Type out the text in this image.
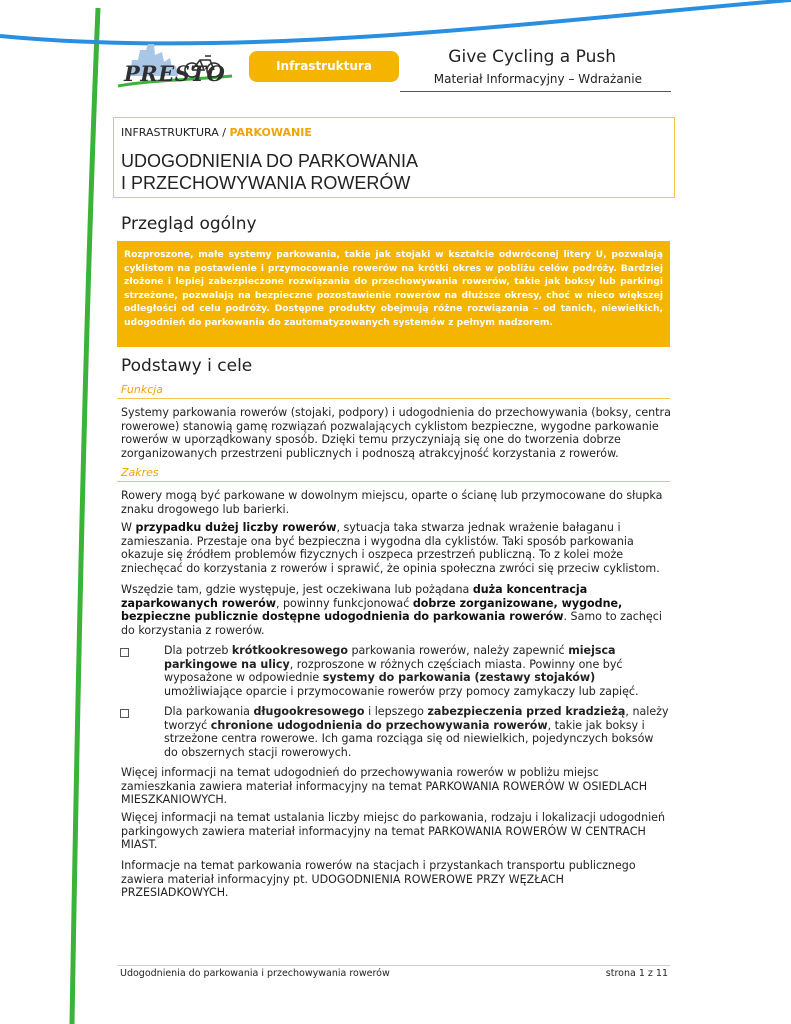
PRESTO	Infrastruktura	Give Cycling a Push
Materiał Informacyjny – Wdrażanie
INFRASTRUKTURA / PARKOWANIE
UDOGODNIENIA DO PARKOWANIA
I PRZECHOWYWANIA ROWERÓW
Przegląd ogólny
Rozproszone, małe systemy parkowania, takie jak stojaki w kształcie odwróconej litery U, pozwalają cyklistom na postawienie i przymocowanie rowerów na krótki okres w pobliżu celów podróży. Bardziej złożone i lepiej zabezpieczone rozwiązania do przechowywania rowerów, takie jak boksy lub parkingi strzeżone, pozwalają na bezpieczne pozostawienie rowerów na dłuższe okresy, choć w nieco większej odległości od celu podróży. Dostępne produkty obejmują różne rozwiązania – od tanich, niewielkich, udogodnień do parkowania do zautomatyzowanych systemów z pełnym nadzorem.
Podstawy i cele
Funkcja
Systemy parkowania rowerów (stojaki, podpory) i udogodnienia do przechowywania (boksy, centra rowerowe) stanowią gamę rozwiązań pozwalających cyklistom bezpieczne, wygodne parkowanie rowerów w uporządkowany sposób. Dzięki temu przyczyniają się one do tworzenia dobrze zorganizowanych przestrzeni publicznych i podnoszą atrakcyjność korzystania z rowerów.
Zakres
Rowery mogą być parkowane w dowolnym miejscu, oparte o ścianę lub przymocowane do słupka znaku drogowego lub barierki.
W przypadku dużej liczby rowerów, sytuacja taka stwarza jednak wrażenie bałaganu i zamieszania. Przestaje ona być bezpieczna i wygodna dla cyklistów. Taki sposób parkowania okazuje się źródłem problemów fizycznych i oszpeca przestrzeń publiczną. To z kolei może zniechęcać do korzystania z rowerów i sprawić, że opinia społeczna zwróci się przeciw cyklistom.
Wszędzie tam, gdzie występuje, jest oczekiwana lub pożądana duża koncentracja zaparkowanych rowerów, powinny funkcjonować dobrze zorganizowane, wygodne, bezpieczne publicznie dostępne udogodnienia do parkowania rowerów. Samo to zachęci do korzystania z rowerów.
Dla potrzeb krótkookresowego parkowania rowerów, należy zapewnić miejsca parkingowe na ulicy, rozproszone w różnych częściach miasta. Powinny one być wyposażone w odpowiednie systemy do parkowania (zestawy stojaków) umożliwiające oparcie i przymocowanie rowerów przy pomocy zamykaczy lub zapięć.
Dla parkowania długookresowego i lepszego zabezpieczenia przed kradzieżą, należy tworzyć chronione udogodnienia do przechowywania rowerów, takie jak boksy i strzeżone centra rowerowe. Ich gama rozciąga się od niewielkich, pojedynczych boksów do obszernych stacji rowerowych.
Więcej informacji na temat udogodnień do przechowywania rowerów w pobliżu miejsc zamieszkania zawiera materiał informacyjny na temat PARKOWANIA ROWERÓW W OSIEDLACH MIESZKANIOWYCH.
Więcej informacji na temat ustalania liczby miejsc do parkowania, rodzaju i lokalizacji udogodnień parkingowych zawiera materiał informacyjny na temat PARKOWANIA ROWERÓW W CENTRACH MIAST.
Informacje na temat parkowania rowerów na stacjach i przystankach transportu publicznego zawiera materiał informacyjny pt. UDOGODNIENIA ROWEROWE PRZY WĘZŁACH PRZESIADKOWYCH.
Udogodnienia do parkowania i przechowywania rowerów	strona 1 z 11
